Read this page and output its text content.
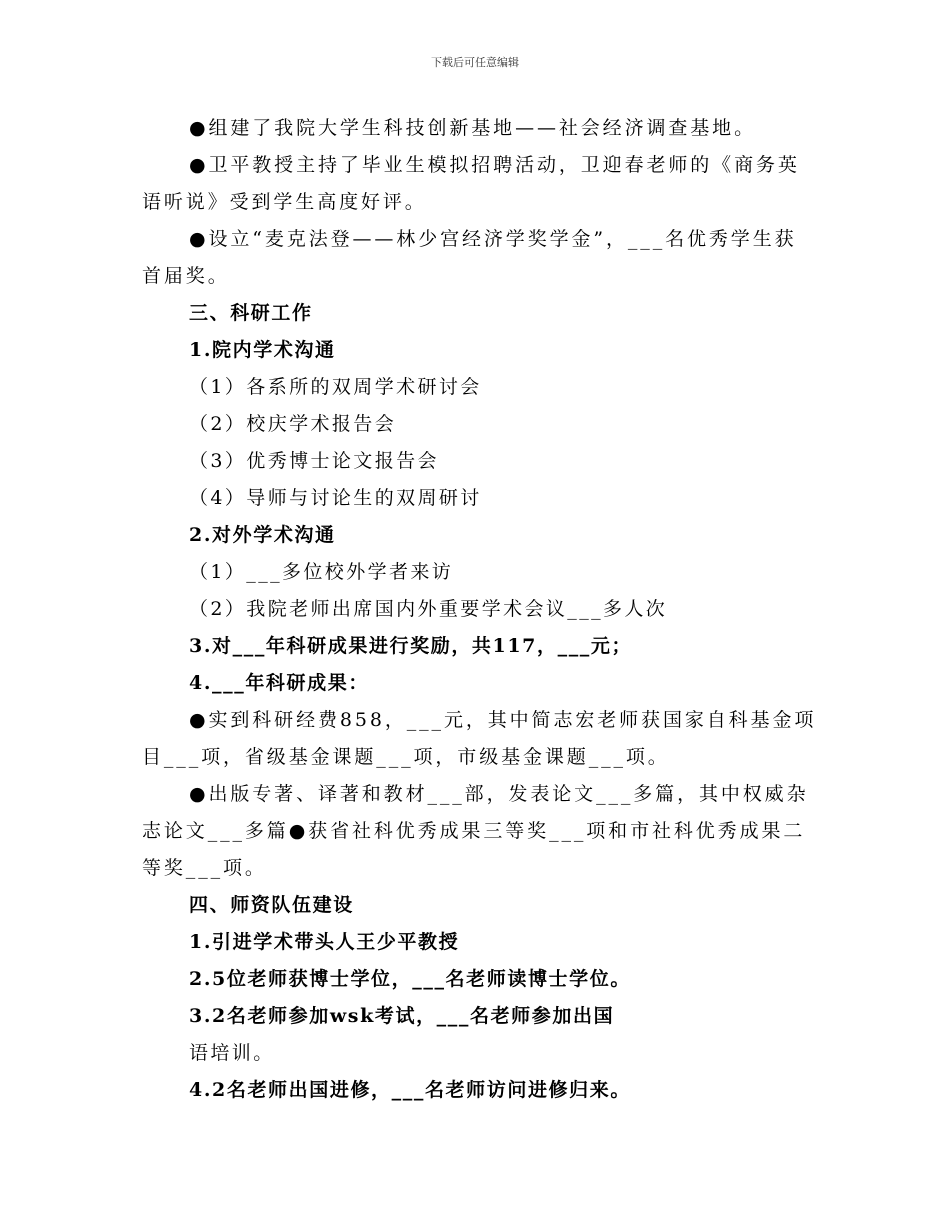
下载后可任意编辑
●组建了我院大学生科技创新基地——社会经济调查基地。
●卫平教授主持了毕业生模拟招聘活动，卫迎春老师的《商务英
语听说》受到学生高度好评。
●设立“麦克法登——林少宫经济学奖学金”，___名优秀学生获
首届奖。
三、科研工作
1.院内学术沟通
（1）各系所的双周学术研讨会
（2）校庆学术报告会
（3）优秀博士论文报告会
（4）导师与讨论生的双周研讨
2.对外学术沟通
（1）___多位校外学者来访
（2）我院老师出席国内外重要学术会议___多人次
3.对___年科研成果进行奖励，共117，___元；
4.___年科研成果：
●实到科研经费858，___元，其中简志宏老师获国家自科基金项
目___项，省级基金课题___项，市级基金课题___项。
●出版专著、译著和教材___部，发表论文___多篇，其中权威杂
志论文___多篇●获省社科优秀成果三等奖___项和市社科优秀成果二
等奖___项。
四、师资队伍建设
1.引进学术带头人王少平教授
2.5位老师获博士学位，___名老师读博士学位。
3.2名老师参加wsk考试，___名老师参加出国
语培训。
4.2名老师出国进修，___名老师访问进修归来。
